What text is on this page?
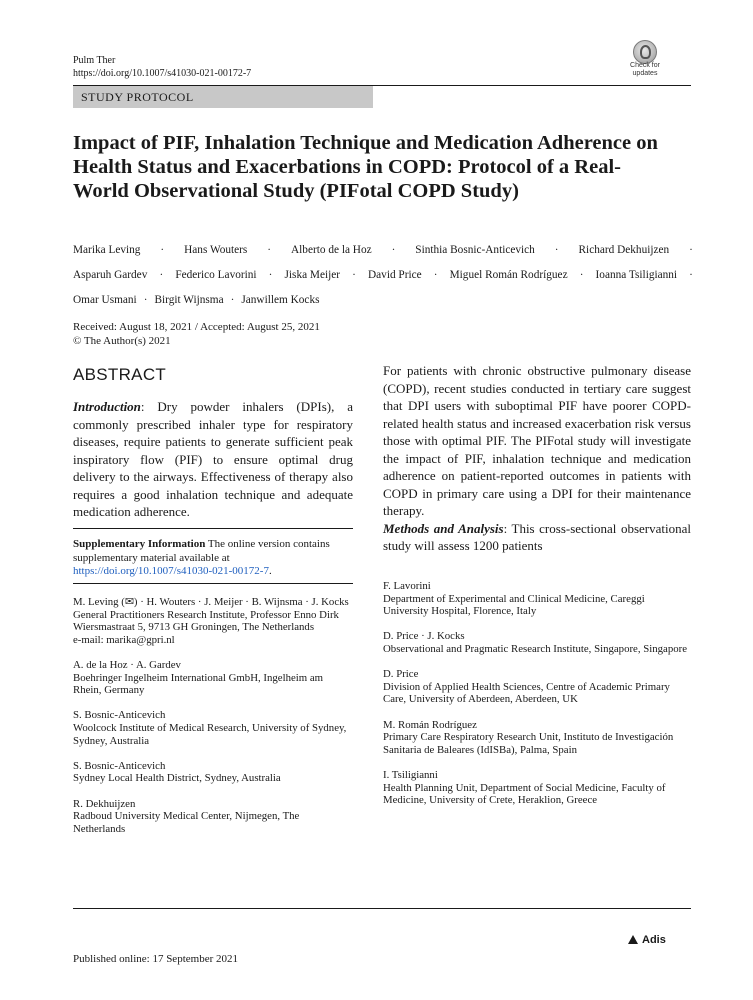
Pulm Ther
https://doi.org/10.1007/s41030-021-00172-7
Check for updates
STUDY PROTOCOL
Impact of PIF, Inhalation Technique and Medication Adherence on Health Status and Exacerbations in COPD: Protocol of a Real-World Observational Study (PIFotal COPD Study)
Marika Leving · Hans Wouters · Alberto de la Hoz · Sinthia Bosnic-Anticevich · Richard Dekhuijzen ·
Asparuh Gardev · Federico Lavorini · Jiska Meijer · David Price · Miguel Román Rodríguez · Ioanna Tsiligianni ·
Omar Usmani · Birgit Wijnsma · Janwillem Kocks
Received: August 18, 2021 / Accepted: August 25, 2021
© The Author(s) 2021
ABSTRACT
Introduction: Dry powder inhalers (DPIs), a commonly prescribed inhaler type for respiratory diseases, require patients to generate sufficient peak inspiratory flow (PIF) to ensure optimal drug delivery to the airways. Effectiveness of therapy also requires a good inhalation technique and adequate medication adherence.
Supplementary Information The online version contains supplementary material available at https://doi.org/10.1007/s41030-021-00172-7.
M. Leving (✉) · H. Wouters · J. Meijer · B. Wijnsma · J. Kocks
General Practitioners Research Institute, Professor Enno Dirk Wiersmastraat 5, 9713 GH Groningen, The Netherlands
e-mail: marika@gpri.nl
A. de la Hoz · A. Gardev
Boehringer Ingelheim International GmbH, Ingelheim am Rhein, Germany
S. Bosnic-Anticevich
Woolcock Institute of Medical Research, University of Sydney, Sydney, Australia
S. Bosnic-Anticevich
Sydney Local Health District, Sydney, Australia
R. Dekhuijzen
Radboud University Medical Center, Nijmegen, The Netherlands
For patients with chronic obstructive pulmonary disease (COPD), recent studies conducted in tertiary care suggest that DPI users with suboptimal PIF have poorer COPD-related health status and increased exacerbation risk versus those with optimal PIF. The PIFotal study will investigate the impact of PIF, inhalation technique and medication adherence on patient-reported outcomes in patients with COPD in primary care using a DPI for their maintenance therapy.
Methods and Analysis: This cross-sectional observational study will assess 1200 patients
F. Lavorini
Department of Experimental and Clinical Medicine, Careggi University Hospital, Florence, Italy
D. Price · J. Kocks
Observational and Pragmatic Research Institute, Singapore, Singapore
D. Price
Division of Applied Health Sciences, Centre of Academic Primary Care, University of Aberdeen, Aberdeen, UK
M. Román Rodríguez
Primary Care Respiratory Research Unit, Instituto de Investigación Sanitaria de Baleares (IdISBa), Palma, Spain
I. Tsiligianni
Health Planning Unit, Department of Social Medicine, Faculty of Medicine, University of Crete, Heraklion, Greece
Adis
Published online: 17 September 2021
